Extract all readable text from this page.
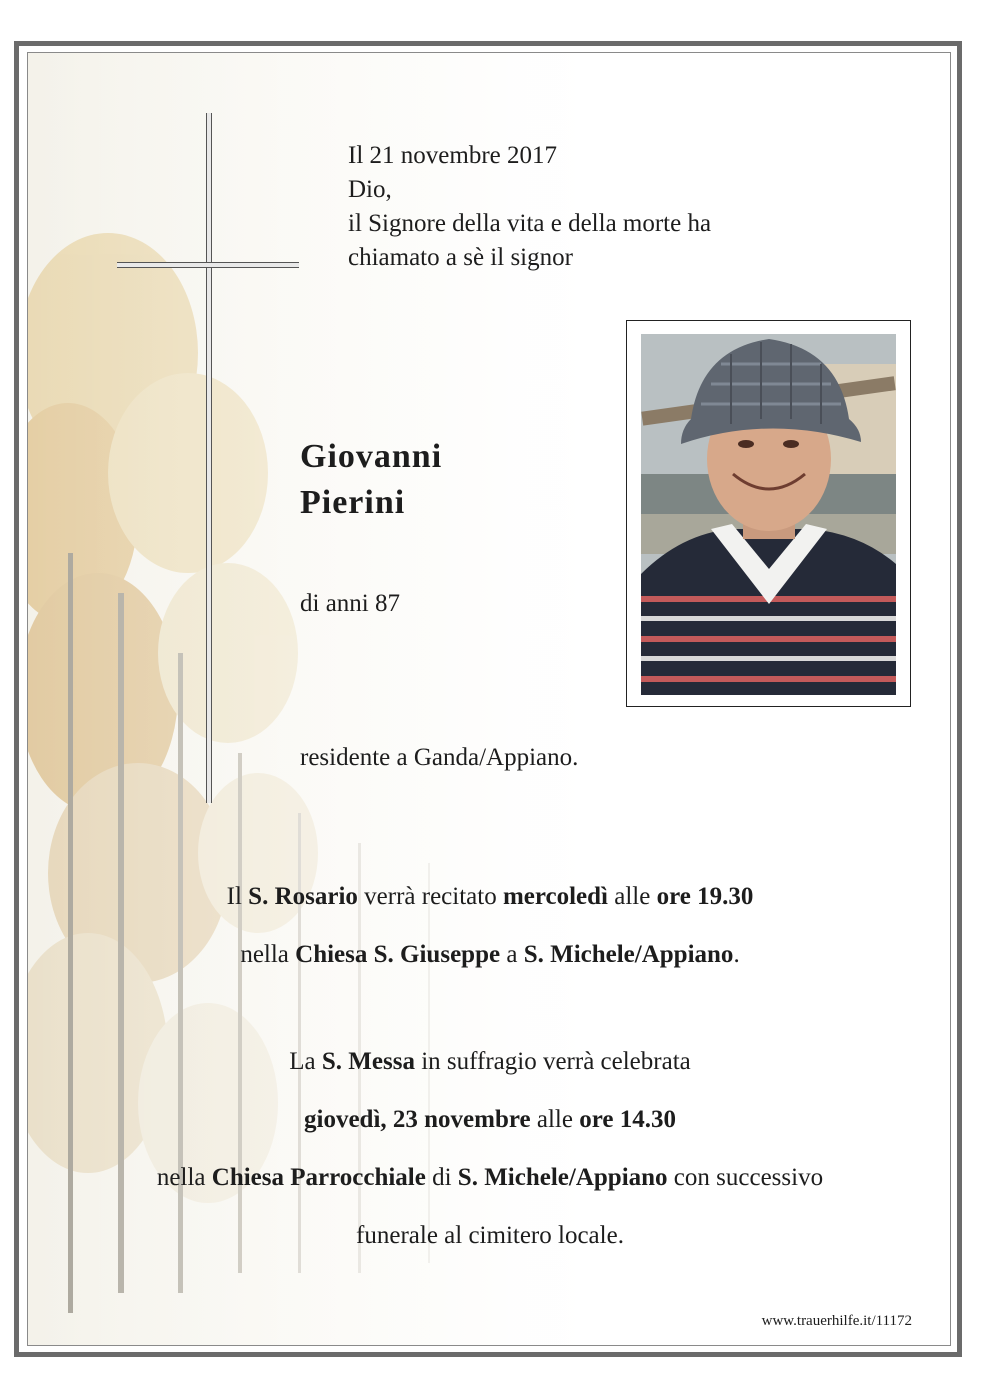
Il 21 novembre 2017
Dio,
il Signore della vita e della morte ha
chiamato a sè il signor
Giovanni
Pierini
di anni 87
residente a Ganda/Appiano.
Il S. Rosario verrà recitato mercoledì alle ore 19.30
nella Chiesa S. Giuseppe a S. Michele/Appiano.
La S. Messa in suffragio verrà celebrata
giovedì, 23 novembre alle ore 14.30
nella Chiesa Parrocchiale di S. Michele/Appiano con successivo
funerale al cimitero locale.
www.trauerhilfe.it/11172
